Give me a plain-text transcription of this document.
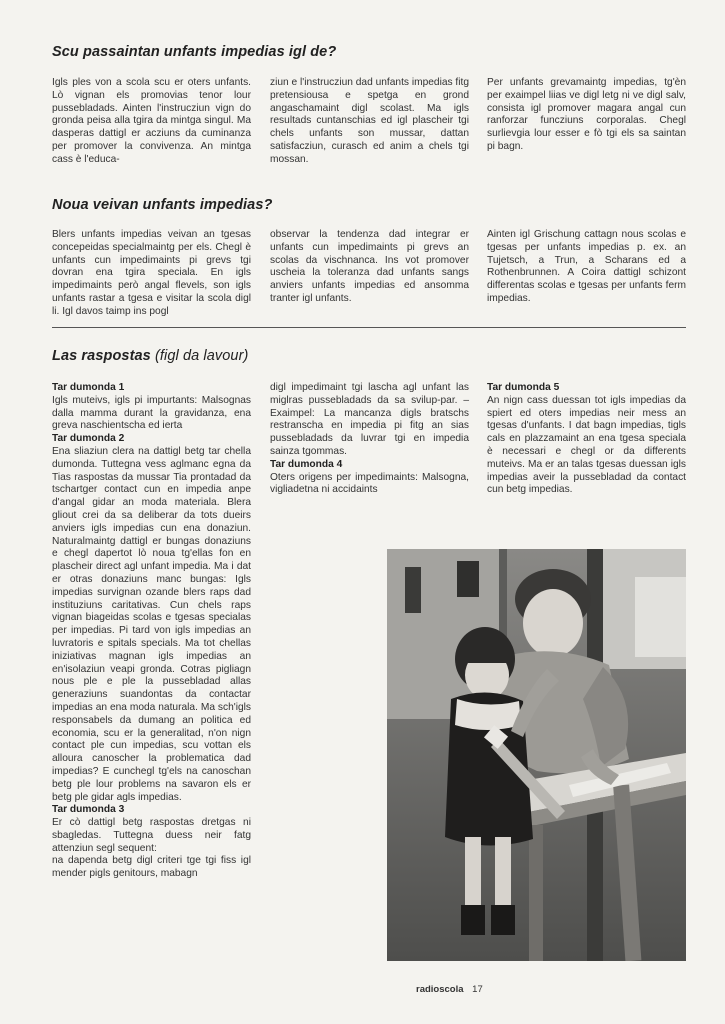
Scu passaintan unfants impedias igl de?

Igls ples von a scola scu er oters unfants. Lò vignan els promovias tenor lour pussebladads. Ainten l'instrucziun vign do gronda peisa alla tgira da mintga singul. Ma dasperas dattigl er acziuns da cuminanza per promover la convivenza. An mintga cass è l'educa-

ziun e l'instrucziun dad unfants impedias fitg pretensiousa e spetga en grond angaschamaint digl scolast. Ma igls resultads cuntanschias ed igl plascheir tgi chels unfants son mussar, dattan satisfacziun, curasch ed anim a chels tgi mossan.

Per unfants grevamaintg impedias, tg'èn per exaimpel liias ve digl letg ni ve digl salv, consista igl promover magara angal cun ranforzar funcziuns corporalas. Chegl surlievgia lour esser e fò tgi els sa saintan pi bagn.

Noua veivan unfants impedias?

Blers unfants impedias veivan an tgesas concepeidas specialmaintg per els. Chegl è unfants cun impedimaints pi grevs tgi dovran ena tgira speciala. En igls impedimaints però angal flevels, son igls unfants rastar a tgesa e visitar la scola digl li. Igl davos taimp ins pogl

observar la tendenza dad integrar er unfants cun impedimaints pi grevs an scolas da vischnanca. Ins vot promover uscheia la toleranza dad unfants sangs anviers unfants impedias ed ansomma tranter igl unfants.

Ainten igl Grischung cattagn nous scolas e tgesas per unfants impedias p. ex. an Tujetsch, a Trun, a Scharans ed a Rothenbrunnen. A Coira dattigl schizont differentas scolas e tgesas per unfants ferm impedias.

Las raspostas (figl da lavour)

Tar dumonda 1

Igls muteivs, igls pi impurtants: Malsognas dalla mamma durant la gravidanza, ena greva naschientscha ed ierta

Tar dumonda 2

Ena sliaziun clera na dattigl betg tar chella dumonda. Tuttegna vess aglmanc egna da Tias raspostas da mussar Tia prontadad da tschartger contact cun en impedia anpe d'angal gidar an moda materiala. Blera gliout crei da sa deliberar da tots dueirs anviers igls impedias cun ena donaziun. Naturalmaintg dattigl er bungas donaziuns e chegl dapertot lò noua tg'ellas fon en plascheir direct agl unfant impedia. Ma i dat er otras donaziuns manc bungas: Igls impedias survignan ozande blers raps dad instituziuns caritativas. Cun chels raps vignan biageidas scolas e tgesas specialas per impedias. Pi tard von igls impedias an luvratoris e spitals specials. Ma tot chellas iniziativas magnan igls impedias an en'isolaziun veapi gronda. Cotras pigliagn nous ple e ple la pussebladad allas generaziuns suandontas da contactar impedias an ena moda naturala. Ma sch'igls responsabels da dumang an politica ed economia, scu er la generalitad, n'on nign contact ple cun impedias, scu vottan els alloura canoscher la problematica dad impedias? E cunchegl tg'els na canoschan betg ple lour problems na savaron els er betg ple gidar agls impedias.

Tar dumonda 3

Er cò dattigl betg raspostas dretgas ni sbagledas. Tuttegna duess neir fatg attenziun segl sequent:

na dapenda betg digl criteri tge tgi fiss igl mender pigls genitours, mabagn

digl impedimaint tgi lascha agl unfant las miglras pussebladads da sa svilup-par. – Exaimpel: La mancanza digls bratschs restranscha en impedia pi fitg an sias pussebladads da luvrar tgi en impedia sainza tgommas.

Tar dumonda 4

Oters origens per impedimaints: Malsogna, vigliadetna ni accidaints

Tar dumonda 5

An nign cass duessan tot igls impedias da spiert ed oters impedias neir mess an tgesas d'unfants. I dat bagn impedias, tigls cals en plazzamaint an ena tgesa speciala è necessari e chegl or da differents muteivs. Ma er an talas tgesas duessan igls impedias aveir la pussebladad da contact cun betg impedias.

radioscola 17
